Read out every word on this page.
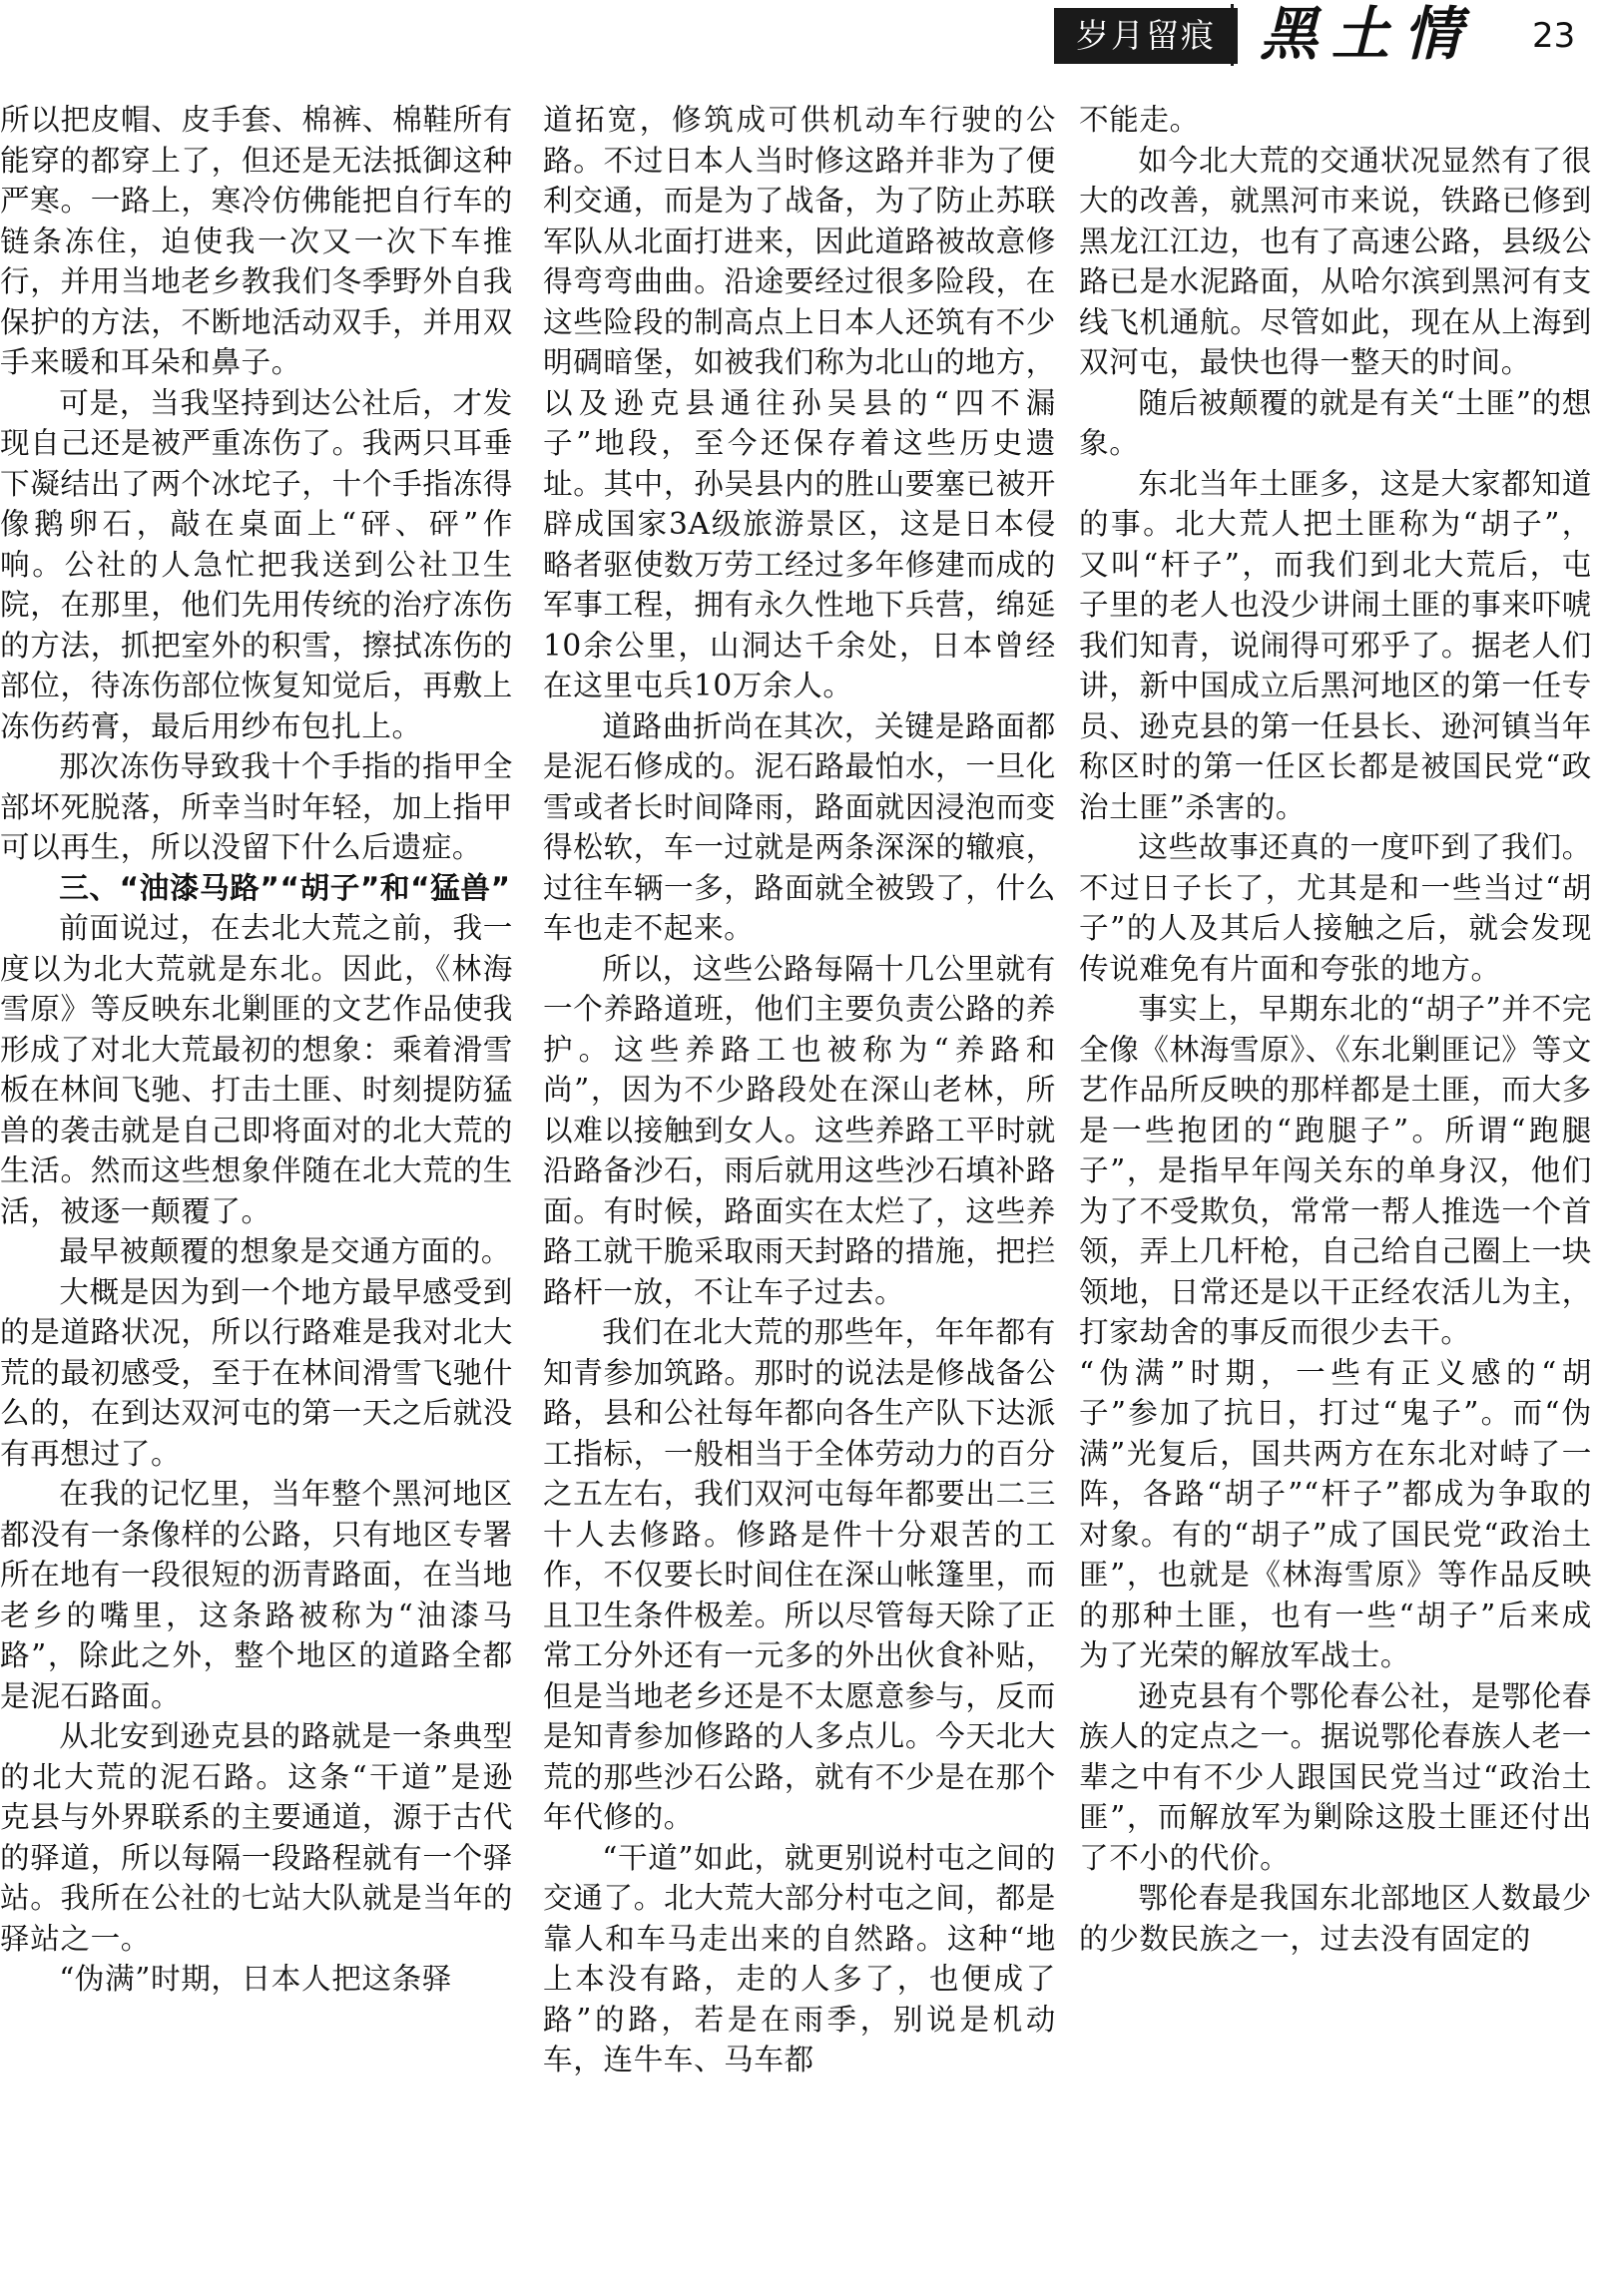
岁月留痕 黑土情 23

所以把皮帽、皮手套、棉裤、棉鞋所有能穿的都穿上了，但还是无法抵御这种严寒。一路上，寒冷仿佛能把自行车的链条冻住，迫使我一次又一次下车推行，并用当地老乡教我们冬季野外自我保护的方法，不断地活动双手，并用双手来暖和耳朵和鼻子。

可是，当我坚持到达公社后，才发现自己还是被严重冻伤了。我两只耳垂下凝结出了两个冰坨子，十个手指冻得像鹅卵石，敲在桌面上“砰、砰”作响。公社的人急忙把我送到公社卫生院，在那里，他们先用传统的治疗冻伤的方法，抓把室外的积雪，擦拭冻伤的部位，待冻伤部位恢复知觉后，再敷上冻伤药膏，最后用纱布包扎上。

那次冻伤导致我十个手指的指甲全部坏死脱落，所幸当时年轻，加上指甲可以再生，所以没留下什么后遗症。

三、“油漆马路”“胡子”和“猛兽”

前面说过，在去北大荒之前，我一度以为北大荒就是东北。因此，《林海雪原》等反映东北剿匪的文艺作品使我形成了对北大荒最初的想象：乘着滑雪板在林间飞驰、打击土匪、时刻提防猛兽的袭击就是自己即将面对的北大荒的生活。然而这些想象伴随在北大荒的生活，被逐一颠覆了。

最早被颠覆的想象是交通方面的。

大概是因为到一个地方最早感受到的是道路状况，所以行路难是我对北大荒的最初感受，至于在林间滑雪飞驰什么的，在到达双河屯的第一天之后就没有再想过了。

在我的记忆里，当年整个黑河地区都没有一条像样的公路，只有地区专署所在地有一段很短的沥青路面，在当地老乡的嘴里，这条路被称为“油漆马路”，除此之外，整个地区的道路全都是泥石路面。

从北安到逊克县的路就是一条典型的北大荒的泥石路。这条“干道”是逊克县与外界联系的主要通道，源于古代的驿道，所以每隔一段路程就有一个驿站。我所在公社的七站大队就是当年的驿站之一。

“伪满”时期，日本人把这条驿

道拓宽，修筑成可供机动车行驶的公路。不过日本人当时修这路并非为了便利交通，而是为了战备，为了防止苏联军队从北面打进来，因此道路被故意修得弯弯曲曲。沿途要经过很多险段，在这些险段的制高点上日本人还筑有不少明碉暗堡，如被我们称为北山的地方，以及逊克县通往孙吴县的“四不漏子”地段，至今还保存着这些历史遗址。其中，孙吴县内的胜山要塞已被开辟成国家3A级旅游景区，这是日本侵略者驱使数万劳工经过多年修建而成的军事工程，拥有永久性地下兵营，绵延10余公里，山洞达千余处，日本曾经在这里屯兵10万余人。

道路曲折尚在其次，关键是路面都是泥石修成的。泥石路最怕水，一旦化雪或者长时间降雨，路面就因浸泡而变得松软，车一过就是两条深深的辙痕，过往车辆一多，路面就全被毁了，什么车也走不起来。

所以，这些公路每隔十几公里就有一个养路道班，他们主要负责公路的养护。这些养路工也被称为“养路和尚”，因为不少路段处在深山老林，所以难以接触到女人。这些养路工平时就沿路备沙石，雨后就用这些沙石填补路面。有时候，路面实在太烂了，这些养路工就干脆采取雨天封路的措施，把拦路杆一放，不让车子过去。

我们在北大荒的那些年，年年都有知青参加筑路。那时的说法是修战备公路，县和公社每年都向各生产队下达派工指标，一般相当于全体劳动力的百分之五左右，我们双河屯每年都要出二三十人去修路。修路是件十分艰苦的工作，不仅要长时间住在深山帐篷里，而且卫生条件极差。所以尽管每天除了正常工分外还有一元多的外出伙食补贴，但是当地老乡还是不太愿意参与，反而是知青参加修路的人多点儿。今天北大荒的那些沙石公路，就有不少是在那个年代修的。

“干道”如此，就更别说村屯之间的交通了。北大荒大部分村屯之间，都是靠人和车马走出来的自然路。这种“地上本没有路，走的人多了，也便成了路”的路，若是在雨季，别说是机动车，连牛车、马车都

不能走。

如今北大荒的交通状况显然有了很大的改善，就黑河市来说，铁路已修到黑龙江江边，也有了高速公路，县级公路已是水泥路面，从哈尔滨到黑河有支线飞机通航。尽管如此，现在从上海到双河屯，最快也得一整天的时间。

随后被颠覆的就是有关“土匪”的想象。

东北当年土匪多，这是大家都知道的事。北大荒人把土匪称为“胡子”，又叫“杆子”，而我们到北大荒后，屯子里的老人也没少讲闹土匪的事来吓唬我们知青，说闹得可邪乎了。据老人们讲，新中国成立后黑河地区的第一任专员、逊克县的第一任县长、逊河镇当年称区时的第一任区长都是被国民党“政治土匪”杀害的。

这些故事还真的一度吓到了我们。不过日子长了，尤其是和一些当过“胡子”的人及其后人接触之后，就会发现传说难免有片面和夸张的地方。

事实上，早期东北的“胡子”并不完全像《林海雪原》、《东北剿匪记》等文艺作品所反映的那样都是土匪，而大多是一些抱团的“跑腿子”。所谓“跑腿子”，是指早年闯关东的单身汉，他们为了不受欺负，常常一帮人推选一个首领，弄上几杆枪，自己给自己圈上一块领地，日常还是以干正经农活儿为主，打家劫舍的事反而很少去干。

“伪满”时期，一些有正义感的“胡子”参加了抗日，打过“鬼子”。而“伪满”光复后，国共两方在东北对峙了一阵，各路“胡子”“杆子”都成为争取的对象。有的“胡子”成了国民党“政治土匪”，也就是《林海雪原》等作品反映的那种土匪，也有一些“胡子”后来成为了光荣的解放军战士。

逊克县有个鄂伦春公社，是鄂伦春族人的定点之一。据说鄂伦春族人老一辈之中有不少人跟国民党当过“政治土匪”，而解放军为剿除这股土匪还付出了不小的代价。

鄂伦春是我国东北部地区人数最少的少数民族之一，过去没有固定的
